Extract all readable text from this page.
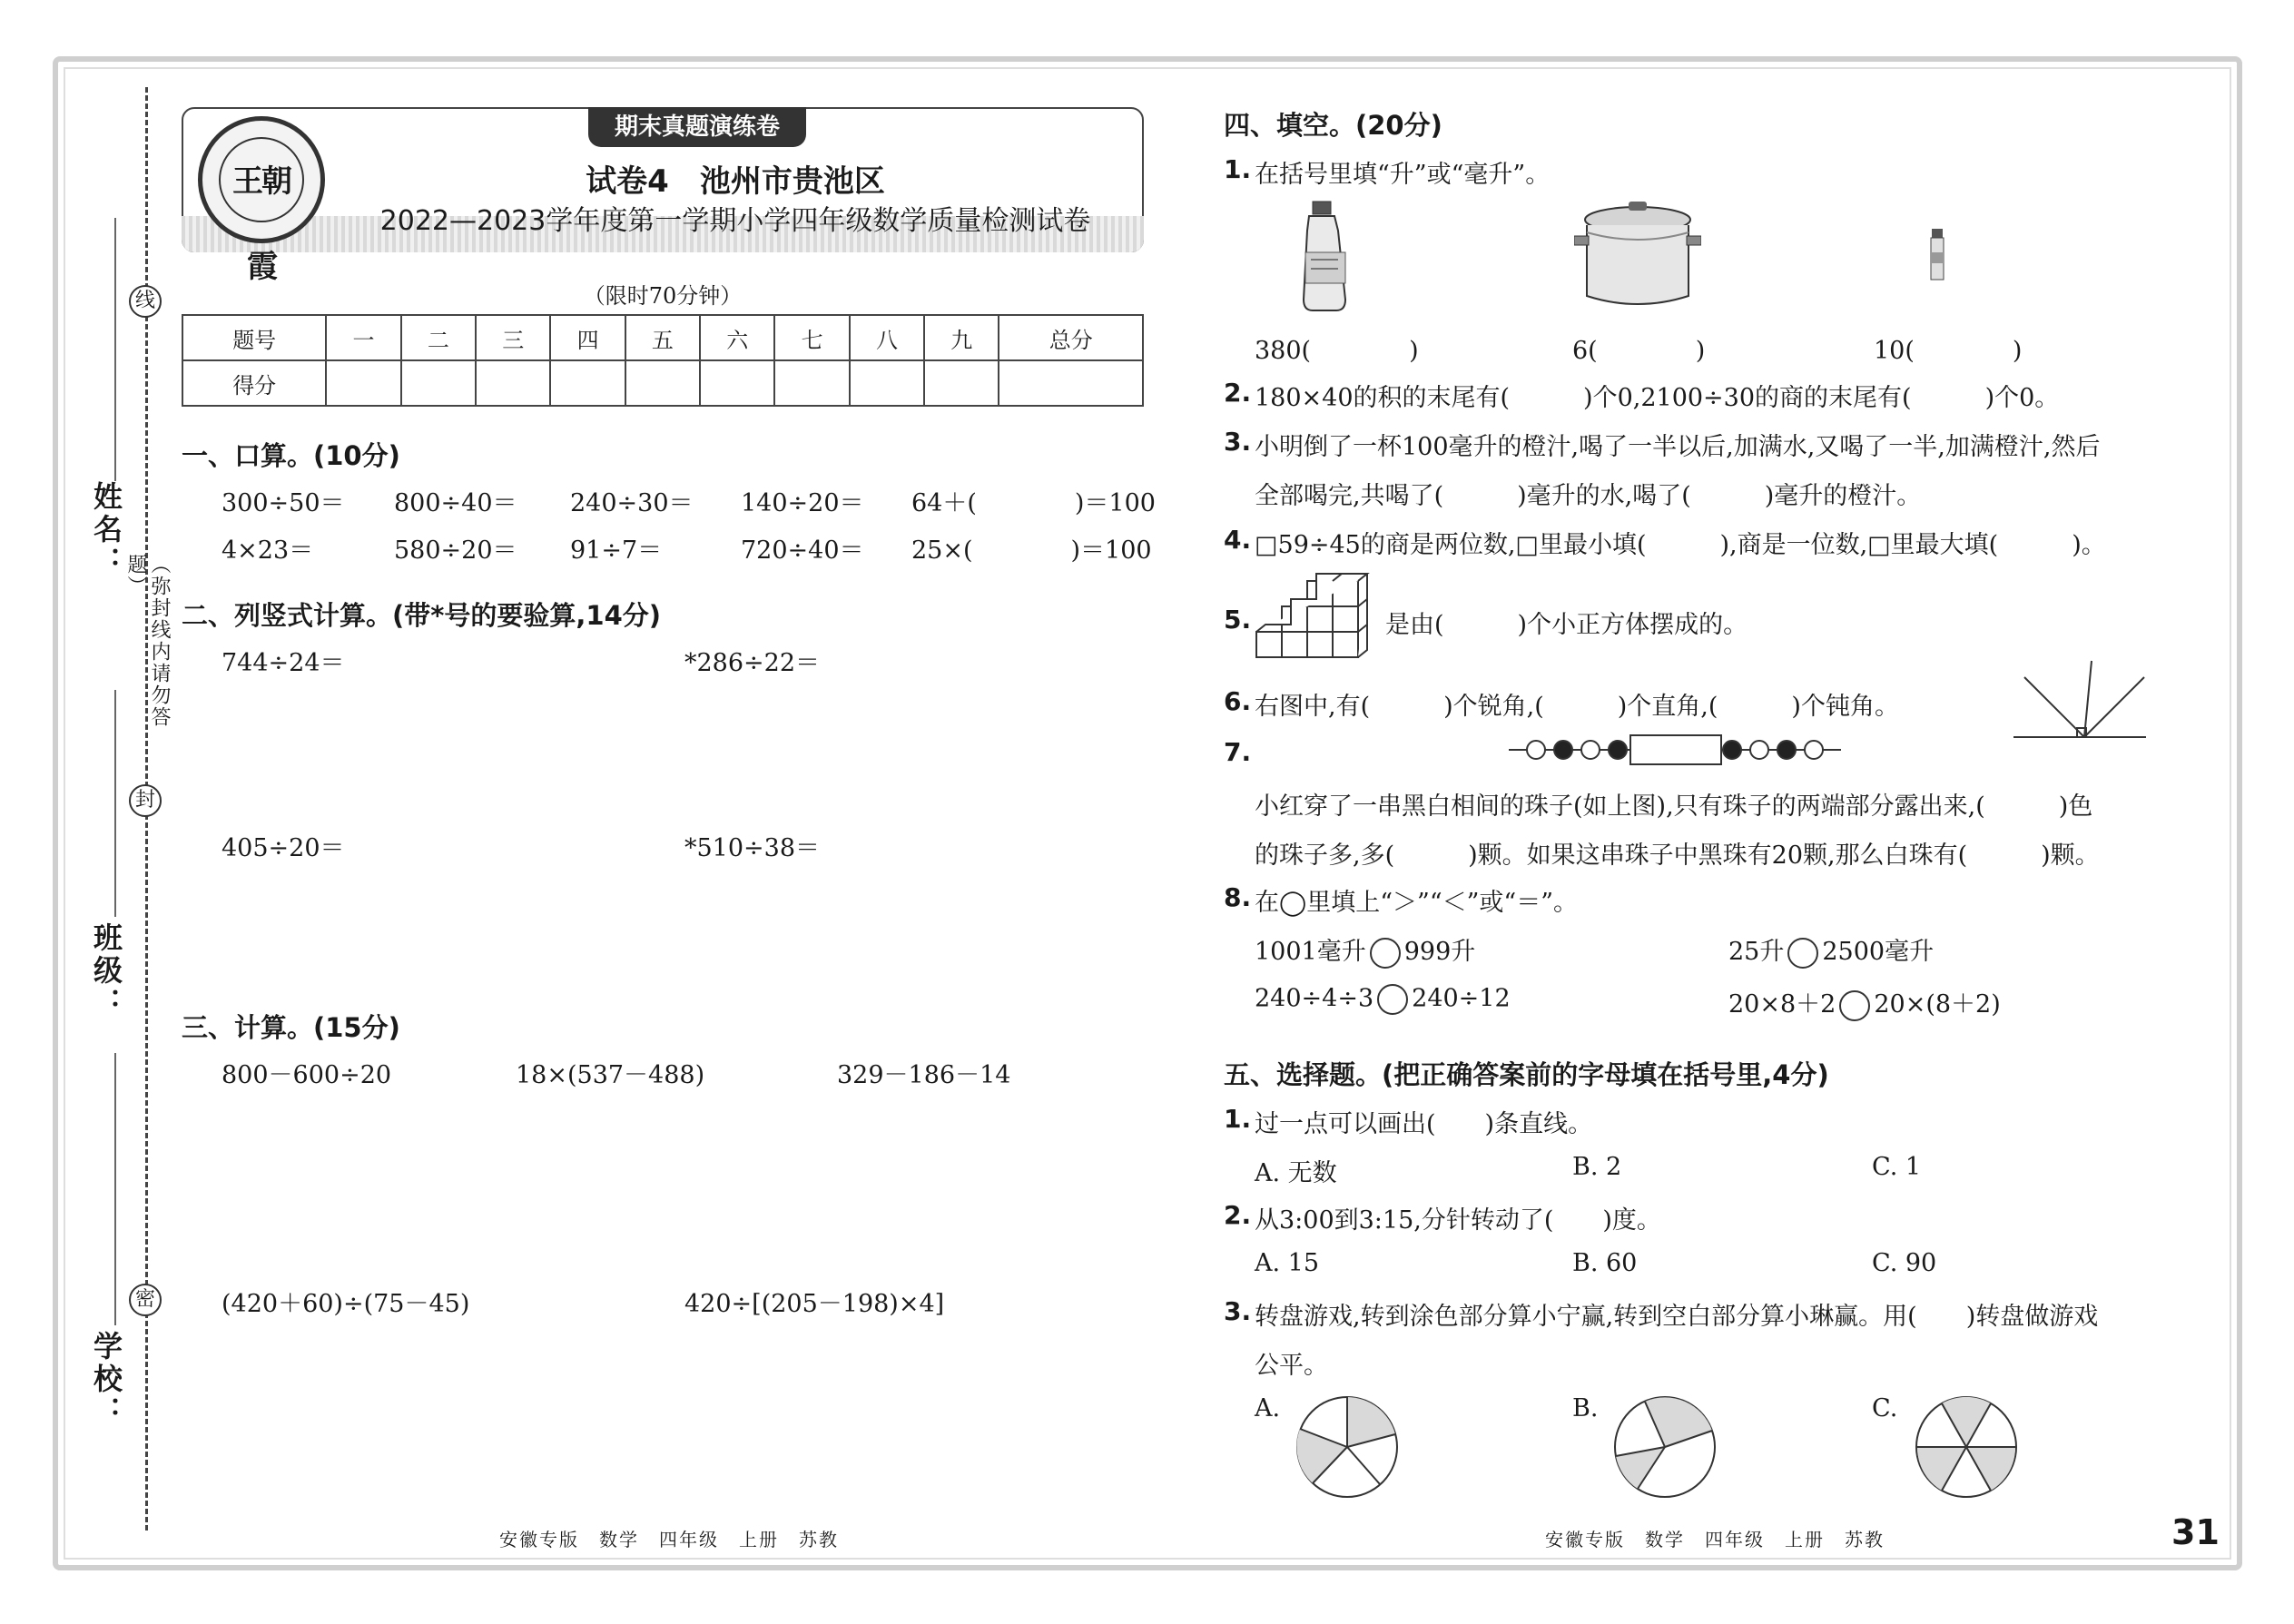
线
封
密
（弥封线内请勿答题）
姓名：
班级：
学校：
期末真题演练卷
王朝霞
试卷4　池州市贵池区
2022—2023学年度第一学期小学四年级数学质量检测试卷
（限时70分钟）
题号	一	二	三	四	五	六	七	八	九	总分
得分										
一、口算。(10分)
300÷50＝ 800÷40＝ 240÷30＝ 140÷20＝ 64＋(　　　　)＝100
4×23＝	580÷20＝ 91÷7＝	720÷40＝ 25×(　　　　)＝100
二、列竖式计算。(带*号的要验算,14分)
744÷24＝	*286÷22＝
405÷20＝	*510÷38＝
三、计算。(15分)
800－600÷20	18×(537－488)	329－186－14
(420＋60)÷(75－45)	420÷[(205－198)×4]
安徽专版　数学　四年级　上册　苏教
四、填空。(20分)
1. 在括号里填“升”或“毫升”。
380(　　　　)	6(　　　　)	10(　　　　)
2. 180×40的积的末尾有(　　　)个0,2100÷30的商的末尾有(　　　)个0。
3. 小明倒了一杯100毫升的橙汁,喝了一半以后,加满水,又喝了一半,加满橙汁,然后
全部喝完,共喝了(　　　)毫升的水,喝了(　　　)毫升的橙汁。
4. □59÷45的商是两位数,□里最小填(　　　),商是一位数,□里最大填(　　　)。
5.	是由(　　　)个小正方体摆成的。
6. 右图中,有(　　　)个锐角,(　　　)个直角,(　　　)个钝角。
7.
小红穿了一串黑白相间的珠子(如上图),只有珠子的两端部分露出来,(　　　)色
的珠子多,多(　　　)颗。如果这串珠子中黑珠有20颗,那么白珠有(　　　)颗。
8. 在◯里填上“＞”“＜”或“＝”。
1001毫升 999升	25升 2500毫升
240÷4÷3 240÷12	20×8＋2 20×(8＋2)
五、选择题。(把正确答案前的字母填在括号里,4分)
1. 过一点可以画出(　　)条直线。
A. 无数	B. 2	C. 1
2. 从3:00到3:15,分针转动了(　　)度。
A. 15	B. 60	C. 90
3. 转盘游戏,转到涂色部分算小宁赢,转到空白部分算小琳赢。用(　　)转盘做游戏
公平。
A.	B.	C.
安徽专版　数学　四年级　上册　苏教	31
